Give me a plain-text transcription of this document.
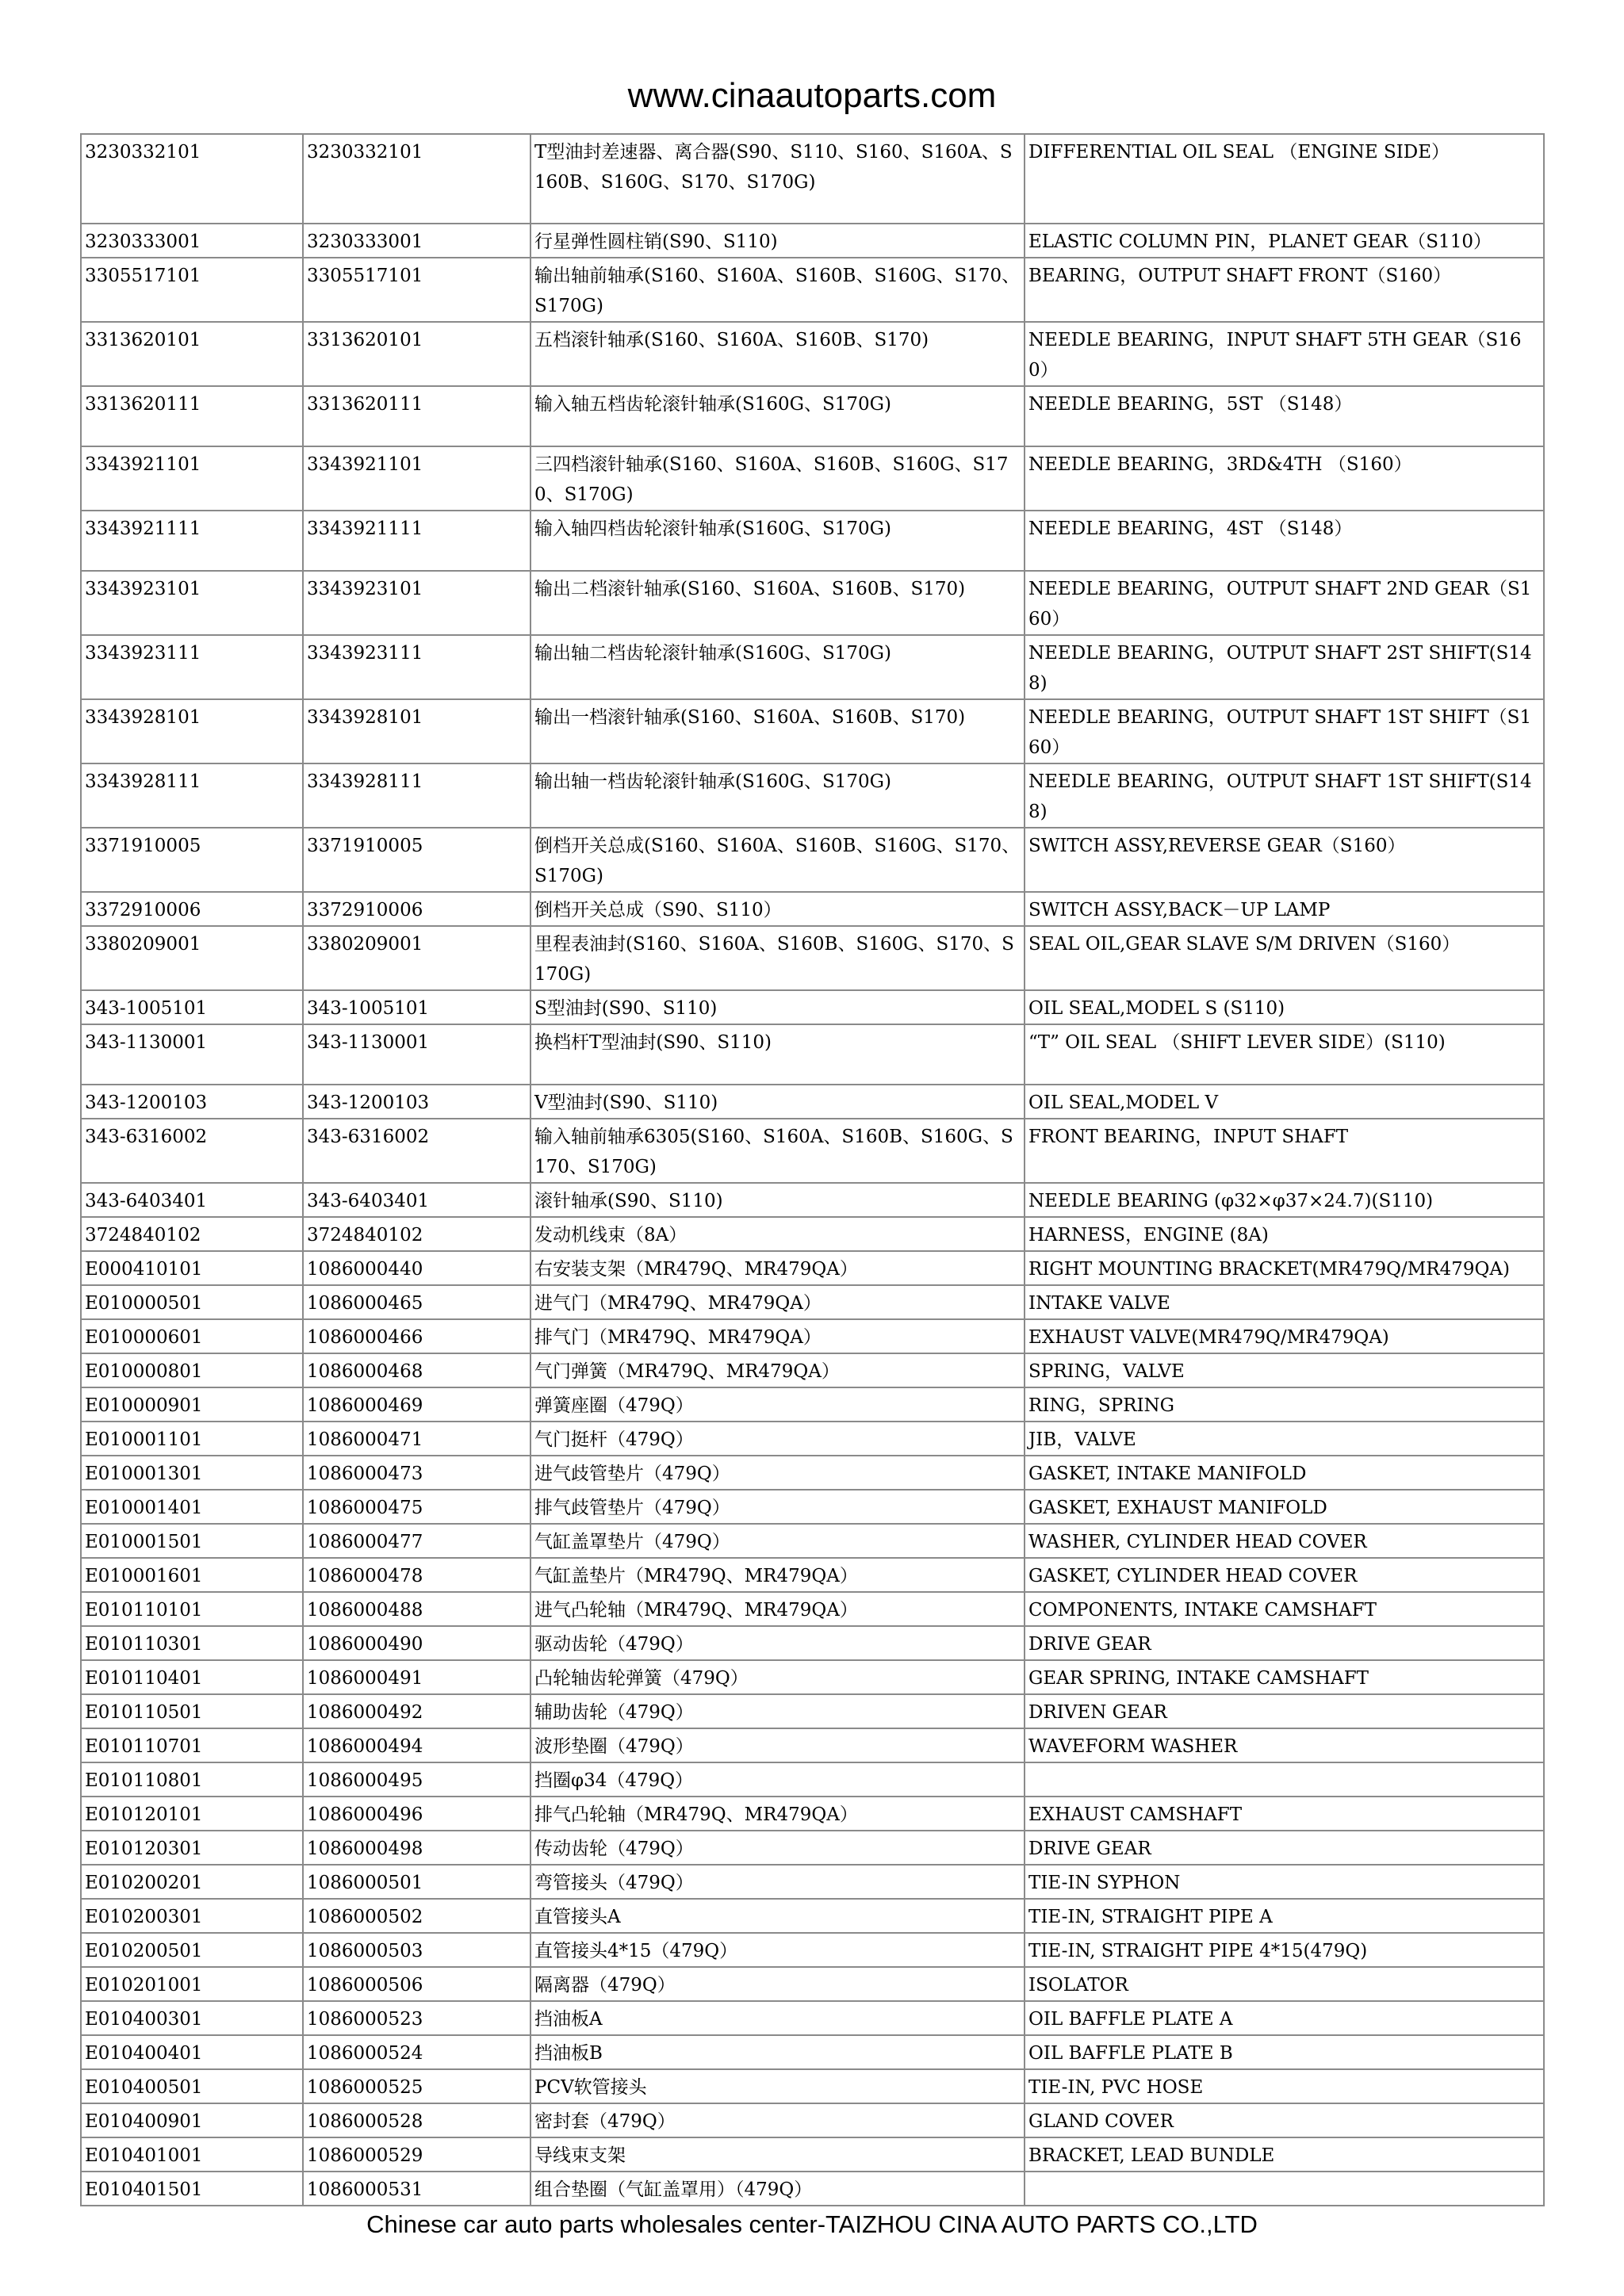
www.cinaautoparts.com
3230332101	3230332101	T型油封差速器、离合器(S90、S110、S160、S160A、S160B、S160G、S170、S170G)	DIFFERENTIAL OIL SEAL （ENGINE SIDE）
3230333001	3230333001	行星弹性圆柱销(S90、S110)	ELASTIC COLUMN PIN，PLANET GEAR（S110）
3305517101	3305517101	输出轴前轴承(S160、S160A、S160B、S160G、S170、S170G)	BEARING，OUTPUT SHAFT FRONT（S160）
3313620101	3313620101	五档滚针轴承(S160、S160A、S160B、S170)	NEEDLE BEARING，INPUT SHAFT 5TH GEAR（S160）
3313620111	3313620111	输入轴五档齿轮滚针轴承(S160G、S170G)	NEEDLE BEARING，5ST （S148）
3343921101	3343921101	三四档滚针轴承(S160、S160A、S160B、S160G、S170、S170G)	NEEDLE BEARING，3RD&4TH （S160）
3343921111	3343921111	输入轴四档齿轮滚针轴承(S160G、S170G)	NEEDLE BEARING，4ST （S148）
3343923101	3343923101	输出二档滚针轴承(S160、S160A、S160B、S170)	NEEDLE BEARING，OUTPUT SHAFT 2ND GEAR（S160）
3343923111	3343923111	输出轴二档齿轮滚针轴承(S160G、S170G)	NEEDLE BEARING，OUTPUT SHAFT 2ST SHIFT(S148)
3343928101	3343928101	输出一档滚针轴承(S160、S160A、S160B、S170)	NEEDLE BEARING，OUTPUT SHAFT 1ST SHIFT（S160）
3343928111	3343928111	输出轴一档齿轮滚针轴承(S160G、S170G)	NEEDLE BEARING，OUTPUT SHAFT 1ST SHIFT(S148)
3371910005	3371910005	倒档开关总成(S160、S160A、S160B、S160G、S170、S170G)	SWITCH ASSY,REVERSE GEAR（S160）
3372910006	3372910006	倒档开关总成（S90、S110）	SWITCH ASSY,BACK－UP LAMP
3380209001	3380209001	里程表油封(S160、S160A、S160B、S160G、S170、S170G)	SEAL OIL,GEAR SLAVE S/M DRIVEN（S160）
343-1005101	343-1005101	S型油封(S90、S110)	OIL SEAL,MODEL S (S110)
343-1130001	343-1130001	换档杆T型油封(S90、S110)	“T” OIL SEAL （SHIFT LEVER SIDE）(S110)
343-1200103	343-1200103	V型油封(S90、S110)	OIL SEAL,MODEL V
343-6316002	343-6316002	输入轴前轴承6305(S160、S160A、S160B、S160G、S170、S170G)	FRONT BEARING，INPUT SHAFT
343-6403401	343-6403401	滚针轴承(S90、S110)	NEEDLE BEARING (φ32×φ37×24.7)(S110)
3724840102	3724840102	发动机线束（8A）	HARNESS，ENGINE (8A)
E000410101	1086000440	右安装支架（MR479Q、MR479QA）	RIGHT MOUNTING BRACKET(MR479Q/MR479QA)
E010000501	1086000465	进气门（MR479Q、MR479QA）	INTAKE VALVE
E010000601	1086000466	排气门（MR479Q、MR479QA）	EXHAUST VALVE(MR479Q/MR479QA)
E010000801	1086000468	气门弹簧（MR479Q、MR479QA）	SPRING，VALVE
E010000901	1086000469	弹簧座圈（479Q）	RING，SPRING
E010001101	1086000471	气门挺杆（479Q）	JIB，VALVE
E010001301	1086000473	进气歧管垫片（479Q）	GASKET, INTAKE MANIFOLD
E010001401	1086000475	排气歧管垫片（479Q）	GASKET, EXHAUST MANIFOLD
E010001501	1086000477	气缸盖罩垫片（479Q）	WASHER, CYLINDER HEAD COVER
E010001601	1086000478	气缸盖垫片（MR479Q、MR479QA）	GASKET, CYLINDER HEAD COVER
E010110101	1086000488	进气凸轮轴（MR479Q、MR479QA）	COMPONENTS, INTAKE CAMSHAFT
E010110301	1086000490	驱动齿轮（479Q）	DRIVE GEAR
E010110401	1086000491	凸轮轴齿轮弹簧（479Q）	GEAR SPRING, INTAKE CAMSHAFT
E010110501	1086000492	辅助齿轮（479Q）	DRIVEN GEAR
E010110701	1086000494	波形垫圈（479Q）	WAVEFORM WASHER
E010110801	1086000495	挡圈φ34（479Q）	
E010120101	1086000496	排气凸轮轴（MR479Q、MR479QA）	EXHAUST CAMSHAFT
E010120301	1086000498	传动齿轮（479Q）	DRIVE GEAR
E010200201	1086000501	弯管接头（479Q）	TIE-IN SYPHON
E010200301	1086000502	直管接头A	TIE-IN, STRAIGHT PIPE A
E010200501	1086000503	直管接头4*15（479Q）	TIE-IN, STRAIGHT PIPE 4*15(479Q)
E010201001	1086000506	隔离器（479Q）	ISOLATOR
E010400301	1086000523	挡油板A	OIL BAFFLE PLATE A
E010400401	1086000524	挡油板B	OIL BAFFLE PLATE B
E010400501	1086000525	PCV软管接头	TIE-IN, PVC HOSE
E010400901	1086000528	密封套（479Q）	GLAND COVER
E010401001	1086000529	导线束支架	BRACKET, LEAD BUNDLE
E010401501	1086000531	组合垫圈（气缸盖罩用）（479Q）	
Chinese car auto parts wholesales center-TAIZHOU CINA AUTO PARTS CO.,LTD
